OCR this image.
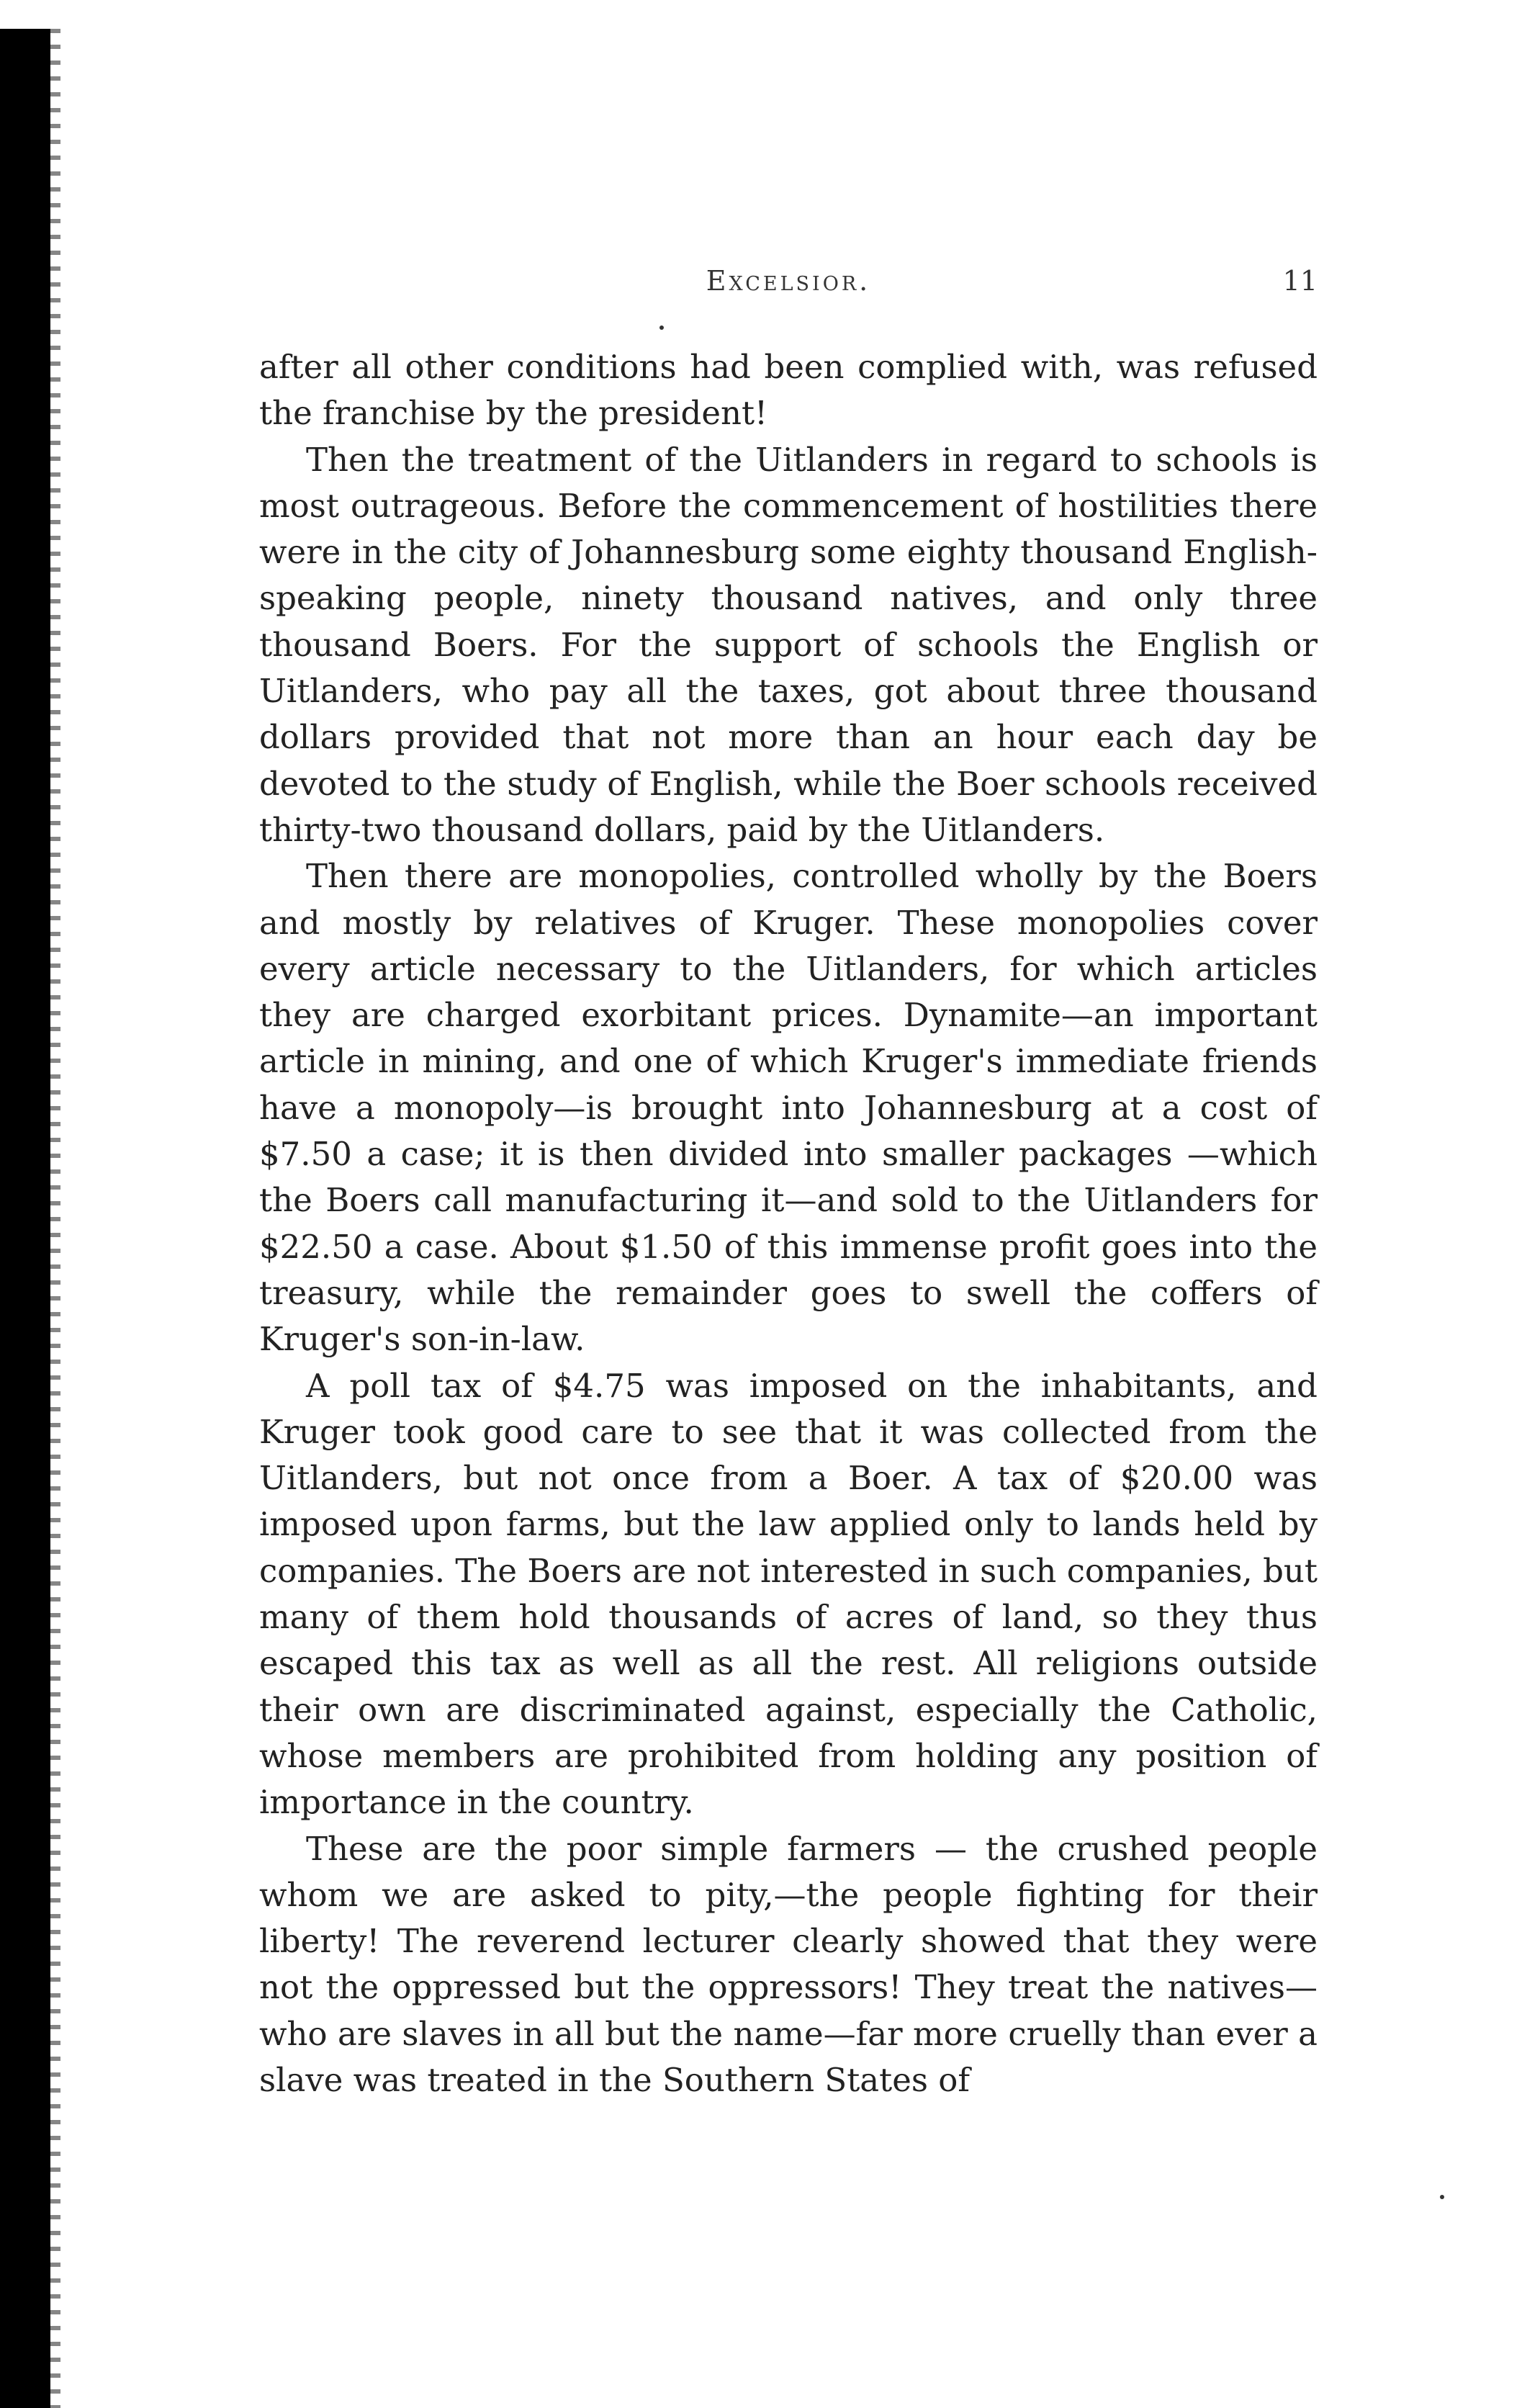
Excelsior.	11

after all other conditions had been complied with, was refused the franchise by the president!

Then the treatment of the Uitlanders in regard to schools is most outrageous. Before the commencement of hostilities there were in the city of Johannesburg some eighty thousand English-speaking people, ninety thousand natives, and only three thousand Boers. For the support of schools the English or Uitlanders, who pay all the taxes, got about three thousand dollars provided that not more than an hour each day be devoted to the study of English, while the Boer schools received thirty-two thousand dollars, paid by the Uitlanders.

Then there are monopolies, controlled wholly by the Boers and mostly by relatives of Kruger. These monopolies cover every article necessary to the Uitlanders, for which articles they are charged exorbitant prices. Dynamite—an important article in mining, and one of which Kruger's immediate friends have a monopoly—is brought into Johannesburg at a cost of $7.50 a case; it is then divided into smaller packages —which the Boers call manufacturing it—and sold to the Uitlanders for $22.50 a case. About $1.50 of this immense profit goes into the treasury, while the remainder goes to swell the coffers of Kruger's son-in-law.

A poll tax of $4.75 was imposed on the inhabitants, and Kruger took good care to see that it was collected from the Uitlanders, but not once from a Boer. A tax of $20.00 was imposed upon farms, but the law applied only to lands held by companies. The Boers are not interested in such companies, but many of them hold thousands of acres of land, so they thus escaped this tax as well as all the rest. All religions outside their own are discriminated against, especially the Catholic, whose members are prohibited from holding any position of importance in the country.

These are the poor simple farmers — the crushed people whom we are asked to pity,—the people fighting for their liberty! The reverend lecturer clearly showed that they were not the oppressed but the oppressors! They treat the natives—who are slaves in all but the name—far more cruelly than ever a slave was treated in the Southern States of
